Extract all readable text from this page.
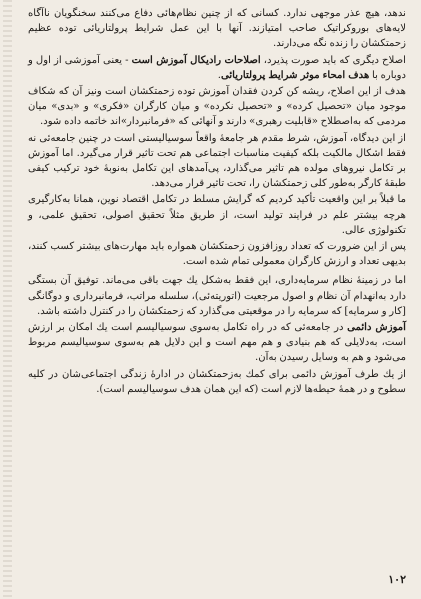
ندهد، هیچ عذر موجهی ندارد. کسانی که از چنین نظام‌هائی دفاع می‌کنند سخنگویان ناآگاه لایه‌های بوروکراتیک صاحب امتیازند. آنها با این عمل شرایط پرولتاریائی توده عظیم زحمتکشان را زنده نگه می‌دارند.

اصلاح دیگری که باید صورت پذیرد، اصلاحات رادیکال آموزش است - یعنی آموزشی از اول و دوباره با هدف امحاء موثر شرایط پرولتاریائی.

هدف از این اصلاح، ریشه کن کردن فقدان آموزش توده زحمتکشان است ونیز آن که شکاف موجود میان «تحصیل کرده» و «تحصیل نکرده» و میان کارگران «فکری» و «بدی» میان مردمی که به‌اصطلاح «قابلیت رهبری» دارند و آنهائی که «فرمانبردار»اند خاتمه داده شود.

از این دیدگاه، آموزش، شرط مقدم هر جامعهٔ واقعاً سوسیالیستی است در چنین جامعه‌ئی نه فقط اشکال مالکیت بلکه کیفیت مناسبات اجتماعی هم تحت تاثیر قرار می‌گیرد. اما آموزش بر تکامل نیروهای مولده هم تاثیر می‌گذارد، پی‌آمدهای این تکامل به‌نوبهٔ خود ترکیب کیفی طبقهٔ کارگر به‌طور کلی زحمتکشان را، تحت تاثیر قرار می‌دهد.

ما قبلاً بر این واقعیت تأکید کردیم که گرایش مسلط در تکامل اقتصاد نوین، همانا به‌کارگیری هرچه بیشتر علم در فرایند تولید است، از طریق مثلاً تحقیق اصولی، تحقیق علمی، و تکنولوژی عالی.

پس از این ضرورت که تعداد روزافزون زحمتکشان همواره باید مهارت‌های بیشتر کسب کنند، بدیهی تعداد و ارزش کارگران معمولی تمام شده است.

اما در زمینهٔ نظام سرمایه‌داری، این فقط به‌شکل یك جهت باقی می‌ماند. توفیق آن بستگی دارد به‌انهدام آن نظام و اصول مرجعیت (اتوریته‌ئی)، سلسله مراتب، فرمانبرداری و دوگانگی [کار و سرمایه] که سرمایه را در موقعیتی می‌گذارد که زحمتکشان را در کنترل داشته باشد.

آموزش دائمی در جامعه‌ئی که در راه تکامل به‌سوی سوسیالیسم است یك امکان بر ارزش است، به‌دلایلی که هم بنیادی و هم مهم است و این دلایل هم به‌سوی سوسیالیسم مربوط می‌شود و هم به وسایل رسیدن به‌آن.

از یك طرف آموزش دائمی برای کمك به‌زحمتکشان در ادارهٔ زندگی اجتماعی‌شان در کلیه سطوح و در همهٔ حیطه‌ها لازم است (که این همان هدف سوسیالیسم است).

۱۰۲
